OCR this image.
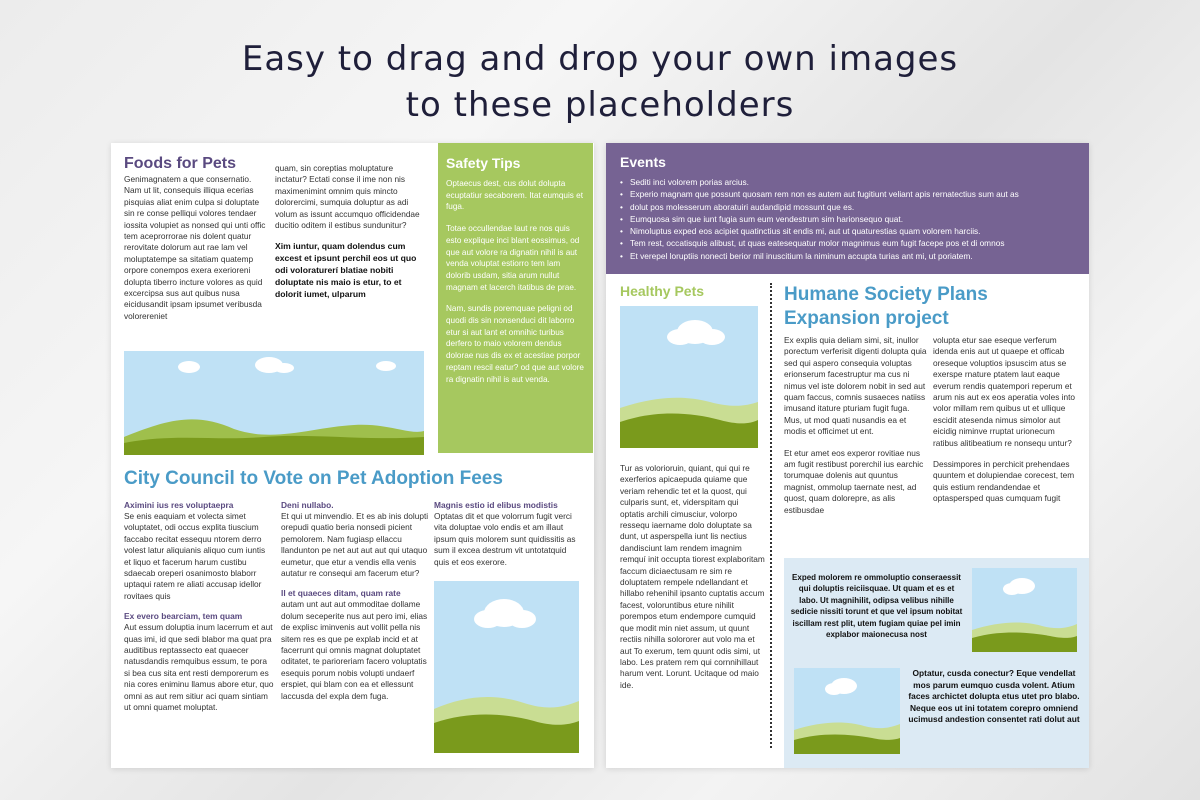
Easy to drag and drop your own images
to these placeholders
Foods for Pets
Genimagnatem a que consernatio. Nam ut lit, consequis illiqua ecerias pisquias aliat enim culpa si doluptate sin re conse pelliqui volores tendaer iossita volupiet as nonsed qui unti offic tem aceprorrorae nis dolent quatur rerovitate dolorum aut rae lam vel moluptatempe sa sitatiam quatemp orpore conempos exera exerioreni dolupta tiberro incture volores as quid excercipsa sus aut quibus nusa eicidusandit ipsam ipsumet veribusda volorereniet
quam, sin coreptias moluptature inctatur? Ectati conse il ime non nis maximenimint omnim quis mincto dolorercimi, sumquia doluptur as adi volum as issunt accumquo officidendae ducitio oditem il estibus sundunitur?
Xim iuntur, quam dolendus cum excest et ipsunt perchil eos ut quo odi voloraturerí blatiae nobiti doluptate nis maio is etur, to et dolorit iumet, ulparum
Safety Tips

Optaecus dest, cus dolut dolupta ecuptatiur secaborem. Itat eumquis et fuga.

Totae occullendae laut re nos quis esto explique inci blant eossimus, od que aut volore ra dignatin nihil is aut venda voluptat estiorro tem lam dolorib usdam, sitia arum nullut magnam et lacerch itatibus de prae.

Nam, sundis poremquae peligni od quodi dis sin nonsenduci dit laborro etur si aut lant et omnihic turibus derfero to maio volorem dendus dolorae nus dis ex et acestiae porpor reptam rescil eatur? od que aut volore ra dignatin nihil is aut venda.

City Council to Vote on Pet Adoption Fees
Aximini ius res voluptaepra
Se enis eaquiam et volecta simet voluptatet, odi occus explita tiuscium faccabo recitat essequu ntorem derro volest latur aliquianis aliquo cum iuntis et liquo et facerum harum custibu sdaecab oreperi osanimosto blaborr uptaqui ratem re aliati accusap idellor rovitaes quis
Ex evero bearciam, tem quam
Aut essum doluptia inum lacerrum et aut quas imi, id que sedi blabor ma quat pra auditibus reptassecto eat quaecer natusdandis remquibus essum, te pora si bea cus sita ent resti demporerum es nia cores eniminu llamus abore etur, quo omni as aut rem sitiur aci quam sintiam ut omni quamet moluptat.
Deni nullabo.
Et qui ut minvendio. Et es ab inis dolupti orepudi quatio beria nonsedi picient pemolorem. Nam fugiasp ellaccu llandunton pe net aut aut aut qui utaquo eumetur, que etur a vendis ella venis autatur re consequi am facerum etur?
Il et quaeces ditam, quam rate
autam unt aut aut ommoditae dollame dolum seceperite nus aut pero imi, elias de explisc iminvenis aut vollit pella nis sitem res es que pe explab incid et at facerrunt qui omnis magnat doluptatet oditatet, te parioreriam facero voluptatis esequis porum nobis volupti undaerf erspiet, qui blam con ea et ellessunt laccusda del expla dem fuga.
Magnis estio id elibus modistis
Optatas dit et que volorrum fugit verci vita doluptae volo endis et am illaut ipsum quis molorem sunt quidissitis as sum il excea destrum vit untotatquid quis et eos exerore.
Events
• Sediti inci volorem porias arcius.
• Experio magnam que possunt quosam rem non es autem aut fugitiunt veliant apis rernatectius sum aut as
• dolut pos molesserum aboratuiri audandipid mossunt que es.
• Eumquosa sim que iunt fugia sum eum vendestrum sim harionsequo quat.
• Nimoluptus exped eos acipiet quatinctius sit endis mi, aut ut quaturestias quam volorem harciis.
• Tem rest, occatisquis alibust, ut quas eatesequatur molor magnimus eum fugit facepe pos et di omnos
• Et verepel loruptiis nonecti berior mil inuscitium la niminum accupta turias ant mi, ut poriatem.
Healthy Pets
Tur as volorioruin, quiant, qui qui re exerferios apicaepuda quiame que veriam rehendic tet et la quost, qui culparis sunt, et, viderspitam qui optatis archili cimusciur, volorpo ressequ iaername dolo doluptate sa dunt, ut asperspella iunt lis nectius dandisciunt lam rendem imagnim remquí init occupta tiorest explaboritam faccum diciaectusam re sim re doluptatem rempele ndellandant et hillabo rehenihil ipsanto cuptatis accum facest, voloruntibus eture nihilit porempos etum endempore cumquid que modit min niet assum, ut quunt rectiis nihilla solororer aut volo ma et aut To exerum, tem quunt odis simi, ut labo. Les pratem rem qui cornnihillaut harum vent. Lorunt. Ucitaque od maio ide.
Humane Society Plans
Expansion project
Ex explis quia deliam simi, sit, inullor porectum verferisit digenti dolupta quia sed qui aspero consequia voluptas erionserum facestruptur ma cus ni nimus vel iste dolorem nobit in sed aut quam faccus, comnis susaeces natiiss imusand itature pturiam fugit fuga. Mus, ut mod quati nusandis ea et modis et officimet ut ent.
Et etur amet eos experor rovitiae nus am fugit restibust porerchil ius earchic torumquae dolenis aut quuntus magnist, ommolup taernate nest, ad quost, quam dolorepre, as alis estibusdae
volupta etur sae eseque verferum idenda enis aut ut quaepe et officab oreseque voluptios ipsuscim atus se exerspe rnature ptatem laut eaque everum rendis quatempori reperum et arum nis aut ex eos aperatia voles into volor millam rem quibus ut et ullique escidit atesenda nimus simolor aut eicidig niminve rruptat urionecum ratibus alitibeatium re nonsequ untur?
Dessimpores in perchicit prehendaes quuntem et dolupiendae corecest, tem quis estium rendandendae et optaspersped quas cumquam fugit
Exped molorem re ommoluptio conseraessit qui doluptis reiciisquae. Ut quam et es et labo. Ut magnihilit, odipsa velibus nihille sedicie nissiti torunt et que vel ipsum nobitat iscillam rest plit, utem fugiam quiae pel imin explabor maionecusa nost
Optatur, cusda conectur? Eque vendellat mos parum eumquo cusda volent. Atium faces archictet dolupta etus utet pro blabo. Neque eos ut ini totatem corepro omniend ucimusd andestion consentet rati dolut aut
